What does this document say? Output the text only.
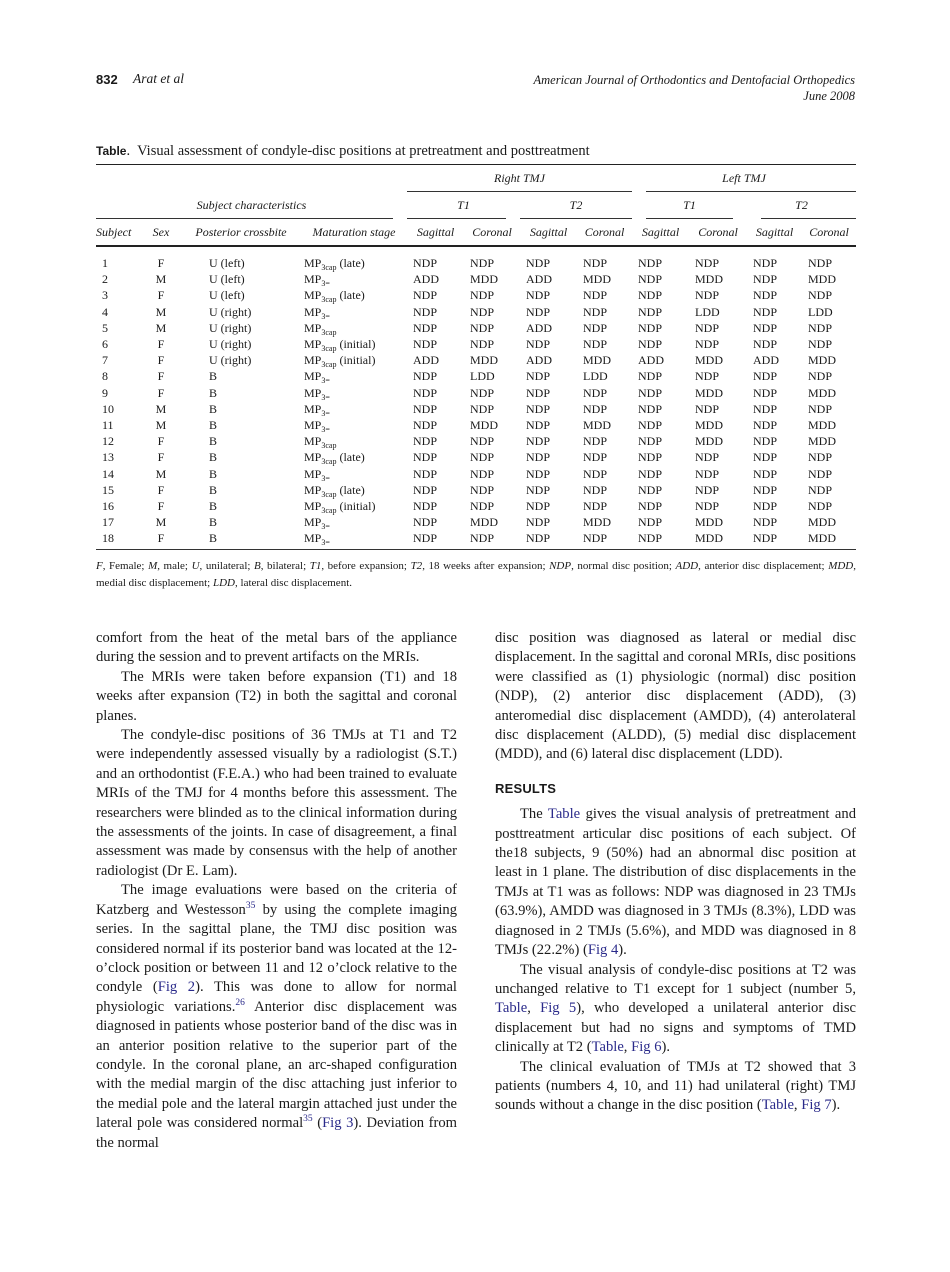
832 Arat et al	American Journal of Orthodontics and Dentofacial Orthopedics
June 2008
Table.  Visual assessment of condyle-disc positions at pretreatment and posttreatment
				Right TMJ				Left TMJ			
Subject characteristics				T1		T2		T1		T2	
Subject	Sex	Posterior crossbite	Maturation stage	Sagittal	Coronal	Sagittal	Coronal	Sagittal	Coronal	Sagittal	Coronal

1	F	U (left)	$MP_{3cap}$ (late)	NDP	NDP	NDP	NDP	NDP	NDP	NDP	NDP
2	M	U (left)	$MP_{3=}$	ADD	MDD	ADD	MDD	NDP	MDD	NDP	MDD
3	F	U (left)	$MP_{3cap}$ (late)	NDP	NDP	NDP	NDP	NDP	NDP	NDP	NDP
4	M	U (right)	$MP_{3=}$	NDP	NDP	NDP	NDP	NDP	LDD	NDP	LDD
5	M	U (right)	$MP_{3cap}$	NDP	NDP	ADD	NDP	NDP	NDP	NDP	NDP
6	F	U (right)	$MP_{3cap}$ (initial)	NDP	NDP	NDP	NDP	NDP	NDP	NDP	NDP
7	F	U (right)	$MP_{3cap}$ (initial)	ADD	MDD	ADD	MDD	ADD	MDD	ADD	MDD
8	F	B	$MP_{3=}$	NDP	LDD	NDP	LDD	NDP	NDP	NDP	NDP
9	F	B	$MP_{3=}$	NDP	NDP	NDP	NDP	NDP	MDD	NDP	MDD
10	M	B	$MP_{3=}$	NDP	NDP	NDP	NDP	NDP	NDP	NDP	NDP
11	M	B	$MP_{3=}$	NDP	MDD	NDP	MDD	NDP	MDD	NDP	MDD
12	F	B	$MP_{3cap}$	NDP	NDP	NDP	NDP	NDP	MDD	NDP	MDD
13	F	B	$MP_{3cap}$ (late)	NDP	NDP	NDP	NDP	NDP	NDP	NDP	NDP
14	M	B	$MP_{3=}$	NDP	NDP	NDP	NDP	NDP	NDP	NDP	NDP
15	F	B	$MP_{3cap}$ (late)	NDP	NDP	NDP	NDP	NDP	NDP	NDP	NDP
16	F	B	$MP_{3cap}$ (initial)	NDP	NDP	NDP	NDP	NDP	NDP	NDP	NDP
17	M	B	$MP_{3=}$	NDP	MDD	NDP	MDD	NDP	MDD	NDP	MDD
18	F	B	$MP_{3=}$	NDP	NDP	NDP	NDP	NDP	MDD	NDP	MDD
F, Female; M, male; U, unilateral; B, bilateral; T1, before expansion; T2, 18 weeks after expansion; NDP, normal disc position; ADD, anterior disc displacement; MDD, medial disc displacement; LDD, lateral disc displacement.

comfort from the heat of the metal bars of the appliance during the session and to prevent artifacts on the MRIs.

The MRIs were taken before expansion (T1) and 18 weeks after expansion (T2) in both the sagittal and coronal planes.

The condyle-disc positions of 36 TMJs at T1 and T2 were independently assessed visually by a radiologist (S.T.) and an orthodontist (F.E.A.) who had been trained to evaluate MRIs of the TMJ for 4 months before this assessment. The researchers were blinded as to the clinical information during the assessments of the joints. In case of disagreement, a final assessment was made by consensus with the help of another radiologist (Dr E. Lam).

The image evaluations were based on the criteria of Katzberg and Westesson$^{35}$ by using the complete imaging series. In the sagittal plane, the TMJ disc position was considered normal if its posterior band was located at the 12-o’clock position or between 11 and 12 o’clock relative to the condyle (Fig 2). This was done to allow for normal physiologic variations.$^{26}$ Anterior disc displacement was diagnosed in patients whose posterior band of the disc was in an anterior position relative to the superior part of the condyle. In the coronal plane, an arc-shaped configuration with the medial margin of the disc attaching just inferior to the medial pole and the lateral margin attached just under the lateral pole was considered normal$^{35}$ (Fig 3). Deviation from the normal

disc position was diagnosed as lateral or medial disc displacement. In the sagittal and coronal MRIs, disc positions were classified as (1) physiologic (normal) disc position (NDP), (2) anterior disc displacement (ADD), (3) anteromedial disc displacement (AMDD), (4) anterolateral disc displacement (ALDD), (5) medial disc displacement (MDD), and (6) lateral disc displacement (LDD).

RESULTS

The Table gives the visual analysis of pretreatment and posttreatment articular disc positions of each subject. Of the18 subjects, 9 (50%) had an abnormal disc position at least in 1 plane. The distribution of disc displacements in the TMJs at T1 was as follows: NDP was diagnosed in 23 TMJs (63.9%), AMDD was diagnosed in 3 TMJs (8.3%), LDD was diagnosed in 2 TMJs (5.6%), and MDD was diagnosed in 8 TMJs (22.2%) (Fig 4).

The visual analysis of condyle-disc positions at T2 was unchanged relative to T1 except for 1 subject (number 5, Table, Fig 5), who developed a unilateral anterior disc displacement but had no signs and symptoms of TMD clinically at T2 (Table, Fig 6).

The clinical evaluation of TMJs at T2 showed that 3 patients (numbers 4, 10, and 11) had unilateral (right) TMJ sounds without a change in the disc position (Table, Fig 7).
